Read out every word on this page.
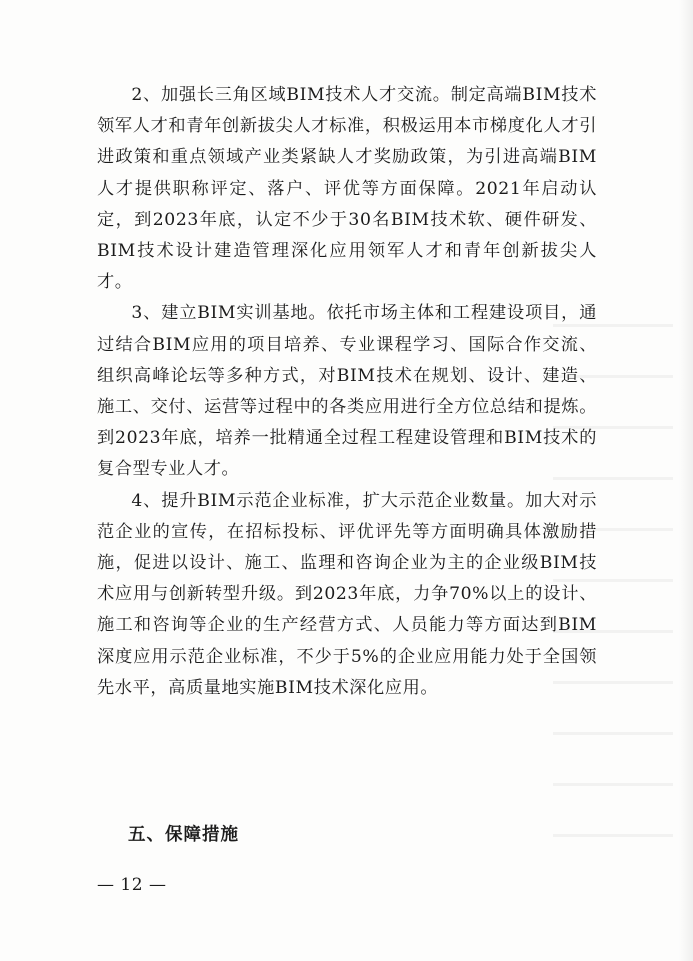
2、加强长三角区域BIM技术人才交流。制定高端BIM技术领军人才和青年创新拔尖人才标准，积极运用本市梯度化人才引进政策和重点领域产业类紧缺人才奖励政策，为引进高端BIM人才提供职称评定、落户、评优等方面保障。2021年启动认定，到2023年底，认定不少于30名BIM技术软、硬件研发、BIM技术设计建造管理深化应用领军人才和青年创新拔尖人才。

3、建立BIM实训基地。依托市场主体和工程建设项目，通过结合BIM应用的项目培养、专业课程学习、国际合作交流、组织高峰论坛等多种方式，对BIM技术在规划、设计、建造、施工、交付、运营等过程中的各类应用进行全方位总结和提炼。到2023年底，培养一批精通全过程工程建设管理和BIM技术的复合型专业人才。

4、提升BIM示范企业标准，扩大示范企业数量。加大对示范企业的宣传，在招标投标、评优评先等方面明确具体激励措施，促进以设计、施工、监理和咨询企业为主的企业级BIM技术应用与创新转型升级。到2023年底，力争70%以上的设计、施工和咨询等企业的生产经营方式、人员能力等方面达到BIM深度应用示范企业标准，不少于5%的企业应用能力处于全国领先水平，高质量地实施BIM技术深化应用。

五、保障措施
— 12 —
